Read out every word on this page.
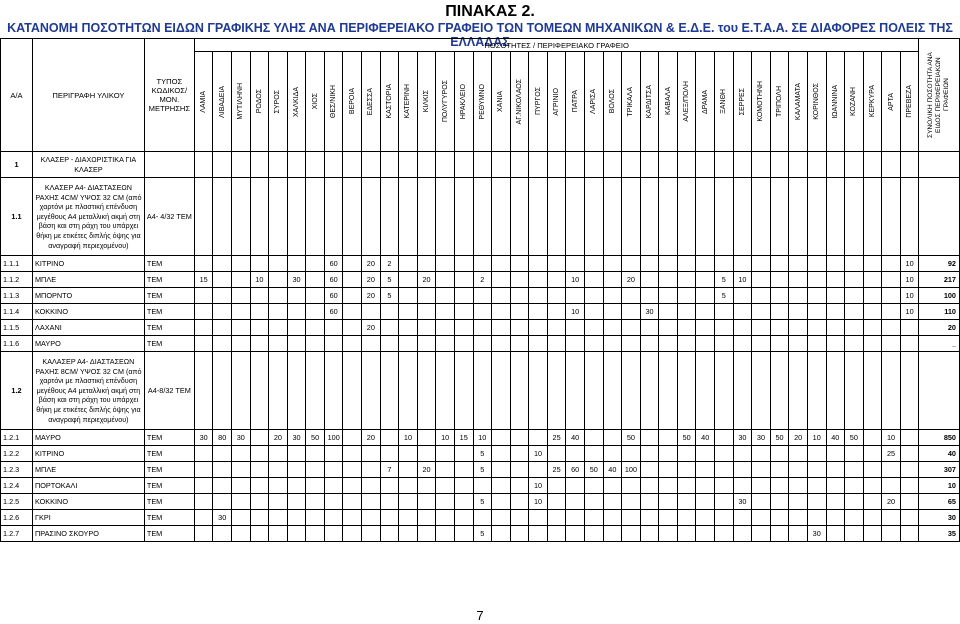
ΠΙΝΑΚΑΣ 2.
ΚΑΤΑΝΟΜΗ ΠΟΣΟΤΗΤΩΝ ΕΙΔΩΝ ΓΡΑΦΙΚΗΣ ΥΛΗΣ ΑΝΑ ΠΕΡΙΦΕΡΕΙΑΚΟ ΓΡΑΦΕΙΟ ΤΩΝ ΤΟΜΕΩΝ ΜΗΧΑΝΙΚΩΝ & Ε.Δ.Ε. του Ε.Τ.Α.Α. ΣΕ ΔΙΑΦΟΡΕΣ ΠΟΛΕΙΣ ΤΗΣ ΕΛΛΑΔΑΣ
Α/Α	ΠΕΡΙΓΡΑΦΗ ΥΛΙΚΟΥ	ΤΥΠΟΣ ΚΩΔΙΚΟΣ/ ΜΟΝ. ΜΕΤΡΗΣΗΣ	ΠΟΣΟΤΗΤΕΣ / ΠΕΡΙΦΕΡΕΙΑΚΟ ΓΡΑΦΕΙΟ																																							ΣΥΝΟΛΙΚΗ ΠΟΣΟΤΗΤΑ ΑΝΑ ΕΙΔΟΣ ΠΕΡΙΦΕΡΕΙΑΚΩΝ ΓΡΑΦΕΙΩΝ

			ΛΑΜΙΑ	ΛΙΒΑΔΕΙΑ	ΜΥΤΙΛΗΝΗ	ΡΟΔΟΣ	ΣΥΡΟΣ	ΧΑΛΚΙΔΑ	ΧΙΟΣ	ΘΕΣ/ΝΙΚΗ	ΒΕΡΟΙΑ	ΕΔΕΣΣΑ	ΚΑΣΤΟΡΙΑ	ΚΑΤΕΡΙΝΗ	ΚΙΛΚΙΣ	ΠΟΛΥΓΥΡΟΣ	ΗΡΑΚΛΕΙΟ	ΡΕΘΥΜΝΟ	ΧΑΝΙΑ	ΑΓ.ΝΙΚΟΛΑΟΣ	ΠΥΡΓΟΣ	ΑΓΡΙΝΙΟ	ΠΑΤΡΑ	ΛΑΡΙΣΑ	ΒΟΛΟΣ	ΤΡΙΚΑΛΑ	ΚΑΡΔΙΤΣΑ	ΚΑΒΑΛΑ	ΑΛΕΞ/ΠΟΛΗ	ΔΡΑΜΑ	ΞΑΝΘΗ	ΣΕΡΡΕΣ	ΚΟΜΟΤΗΝΗ	ΤΡΙΠΟΛΗ	ΚΑΛΑΜΑΤΑ	ΚΟΡΙΝΘΟΣ	ΙΩΑΝΝΙΝΑ	ΚΟΖΑΝΗ	ΚΕΡΚΥΡΑ	ΑΡΤΑ	ΠΡΕΒΕΖΑ	

1	ΚΛΑΣΕΡ - ΔΙΑΧΩΡΙΣΤΙΚΑ ΓΙΑ ΚΛΑΣΕΡ																																									
1.1	ΚΛΑΣΕΡ Α4- ΔΙΑΣΤΑΣΕΩΝ ΡΑΧΗΣ 4CM/ ΥΨΟΣ 32 CM (από χαρτόνι με πλαστική επένδυση μεγέθους Α4 μεταλλική ακμή στη βάση και στη ράχη του υπάρχει θήκη με ετικέτες διπλής όψης για αναγραφή περιεχομένου)	Α4- 4/32 ΤΕΜ																																								
1.1.1	ΚΙΤΡΙΝΟ	ΤΕΜ								60		20	2																												10	92
1.1.2	ΜΠΛΕ	ΤΕΜ	15			10		30		60		20	5		20			2					10			20					5	10									10	217
1.1.3	ΜΠΟΡΝΤΟ	ΤΕΜ								60		20	5																		5										10	100
1.1.4	ΚΟΚΚΙΝΟ	ΤΕΜ								60													10				30														10	110
1.1.5	ΛΑΧΑΝΙ	ΤΕΜ										20																														20
1.1.6	ΜΑΥΡΟ	ΤΕΜ																																								_
1.2	ΚΑΛΑΣΕΡ Α4- ΔΙΑΣΤΑΣΕΩΝ ΡΑΧΗΣ 8CM/ ΥΨΟΣ 32 CM (από χαρτόνι με πλαστική επένδυση μεγέθους Α4 μεταλλική ακμή στη βάση και στη ράχη του υπάρχει θήκη με ετικέτες διπλής όψης για αναγραφή περιεχομένου)	Α4-8/32 ΤΕΜ																																								
1.2.1	ΜΑΥΡΟ	ΤΕΜ	30	80	30		20	30	50	100		20		10		10	15	10				25	40			50			50	40		30	30	50	20	10	40	50		10		850
1.2.2	ΚΙΤΡΙΝΟ	ΤΕΜ																5			10																			25		40
1.2.3	ΜΠΛΕ	ΤΕΜ											7		20			5				25	60	50	40	100																307
1.2.4	ΠΟΡΤΟΚΑΛΙ	ΤΕΜ																			10																					10
1.2.5	ΚΟΚΚΙΝΟ	ΤΕΜ																5			10											30								20		65
1.2.6	ΓΚΡΙ	ΤΕΜ		30																																						30
1.2.7	ΠΡΑΣΙΝΟ ΣΚΟΥΡΟ	ΤΕΜ																5																		30						35
7
